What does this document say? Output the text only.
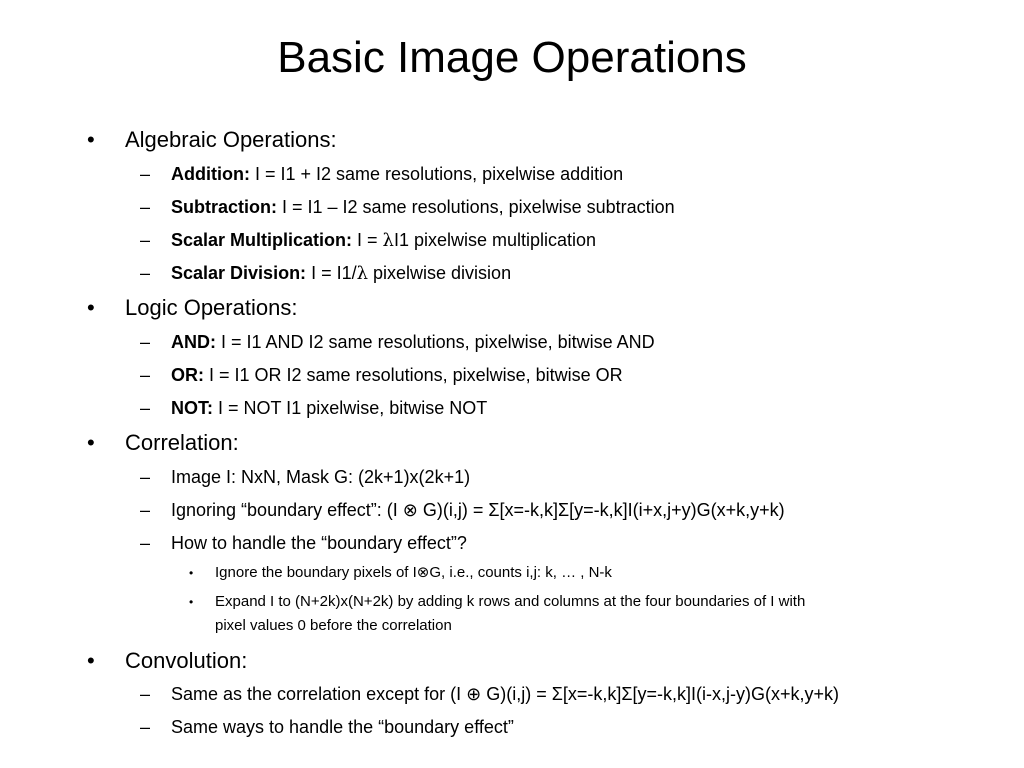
Basic Image Operations
• Algebraic Operations:
– Addition: I = I1 + I2 same resolutions, pixelwise addition
– Subtraction: I = I1 – I2 same resolutions, pixelwise subtraction
– Scalar Multiplication: I = λI1 pixelwise multiplication
– Scalar Division: I = I1/λ pixelwise division
• Logic Operations:
– AND: I = I1 AND I2 same resolutions, pixelwise, bitwise AND
– OR: I = I1 OR I2 same resolutions, pixelwise, bitwise OR
– NOT: I = NOT I1 pixelwise, bitwise NOT
• Correlation:
– Image I: NxN, Mask G: (2k+1)x(2k+1)
– Ignoring “boundary effect”: (I ⊗ G)(i,j) = Σ[x=-k,k]Σ[y=-k,k]I(i+x,j+y)G(x+k,y+k)
– How to handle the “boundary effect”?
• Ignore the boundary pixels of I⊗G, i.e., counts i,j: k, … , N-k
• Expand I to (N+2k)x(N+2k) by adding k rows and columns at the four boundaries of I with
pixel values 0 before the correlation
• Convolution:
– Same as the correlation except for (I ⊕ G)(i,j) = Σ[x=-k,k]Σ[y=-k,k]I(i-x,j-y)G(x+k,y+k)
– Same ways to handle the “boundary effect”
